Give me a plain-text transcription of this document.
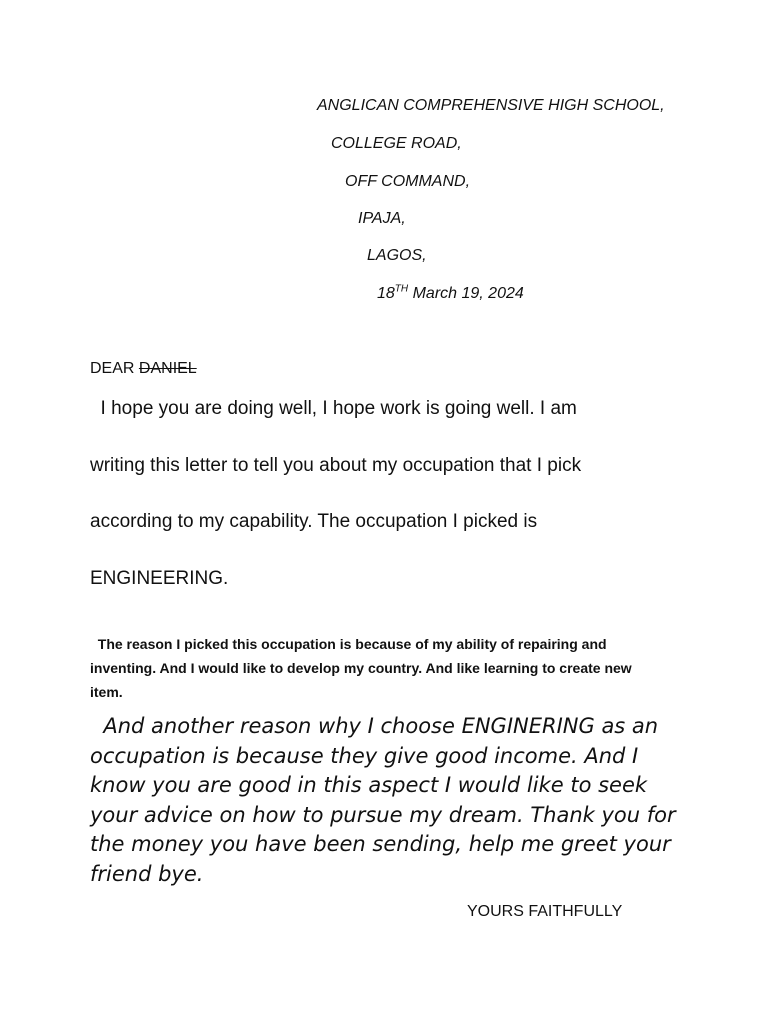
ANGLICAN COMPREHENSIVE HIGH SCHOOL,
COLLEGE ROAD,
OFF COMMAND,
IPAJA,
LAGOS,
18TH March 19, 2024
DEAR DANIEL

I hope you are doing well, I hope work is going well. I am

writing this letter to tell you about my occupation that I pick

according to my capability. The occupation I picked is

ENGINEERING.

The reason I picked this occupation is because of my ability of repairing and inventing. And I would like to develop my country. And like learning to create new item.

And another reason why I choose ENGINERING as an occupation is because they give good income. And I know you are good in this aspect I would like to seek your advice on how to pursue my dream. Thank you for the money you have been sending, help me greet your friend bye.

YOURS FAITHFULLY
